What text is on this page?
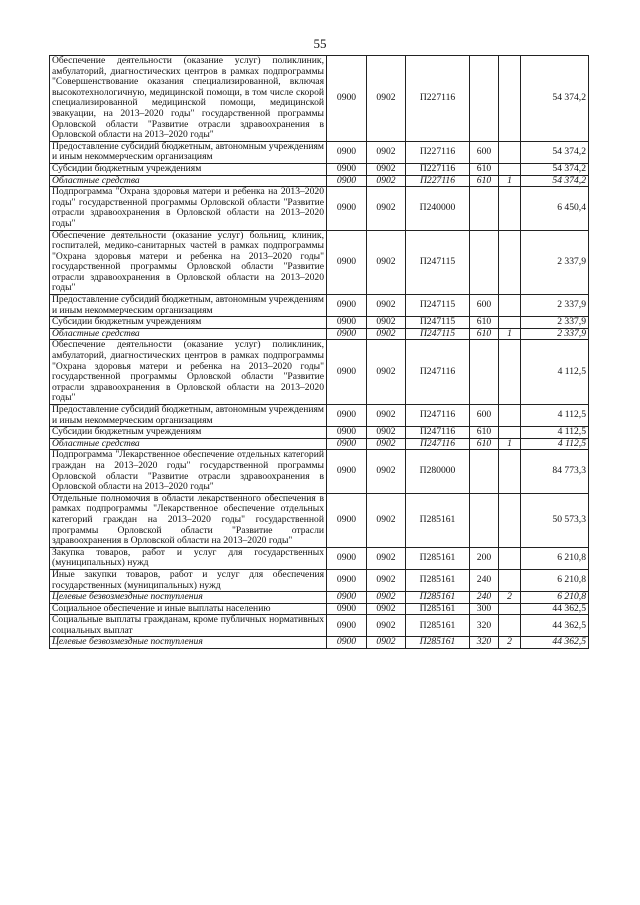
55
Обеспечение деятельности (оказание услуг) поликлиник, амбулаторий, диагностических центров в рамках подпрограммы "Совершенствование оказания специализированной, включая высокотехнологичную, медицинской помощи, в том числе скорой специализированной медицинской помощи, медицинской эвакуации, на 2013–2020 годы" государственной программы Орловской области "Развитие отрасли здравоохранения в Орловской области на 2013–2020 годы"	0900	0902	П227116			54 374,2
Предоставление субсидий бюджетным, автономным учреждениям и иным некоммерческим организациям	0900	0902	П227116	600		54 374,2
Субсидии бюджетным учреждениям	0900	0902	П227116	610		54 374,2
Областные средства	0900	0902	П227116	610	1	54 374,2
Подпрограмма "Охрана здоровья матери и ребенка на 2013–2020 годы" государственной программы Орловской области "Развитие отрасли здравоохранения в Орловской области на 2013–2020 годы"	0900	0902	П240000			6 450,4
Обеспечение деятельности (оказание услуг) больниц, клиник, госпиталей, медико-санитарных частей в рамках подпрограммы "Охрана здоровья матери и ребенка на 2013–2020 годы" государственной программы Орловской области "Развитие отрасли здравоохранения в Орловской области на 2013–2020 годы"	0900	0902	П247115			2 337,9
Предоставление субсидий бюджетным, автономным учреждениям и иным некоммерческим организациям	0900	0902	П247115	600		2 337,9
Субсидии бюджетным учреждениям	0900	0902	П247115	610		2 337,9
Областные средства	0900	0902	П247115	610	1	2 337,9
Обеспечение деятельности (оказание услуг) поликлиник, амбулаторий, диагностических центров в рамках подпрограммы "Охрана здоровья матери и ребенка на 2013–2020 годы" государственной программы Орловской области "Развитие отрасли здравоохранения в Орловской области на 2013–2020 годы"	0900	0902	П247116			4 112,5
Предоставление субсидий бюджетным, автономным учреждениям и иным некоммерческим организациям	0900	0902	П247116	600		4 112,5
Субсидии бюджетным учреждениям	0900	0902	П247116	610		4 112,5
Областные средства	0900	0902	П247116	610	1	4 112,5
Подпрограмма "Лекарственное обеспечение отдельных категорий граждан на 2013–2020 годы" государственной программы Орловской области "Развитие отрасли здравоохранения в Орловской области на 2013–2020 годы"	0900	0902	П280000			84 773,3
Отдельные полномочия в области лекарственного обеспечения в рамках подпрограммы "Лекарственное обеспечение отдельных категорий граждан на 2013–2020 годы" государственной программы Орловской области "Развитие отрасли здравоохранения в Орловской области на 2013–2020 годы"	0900	0902	П285161			50 573,3
Закупка товаров, работ и услуг для государственных (муниципальных) нужд	0900	0902	П285161	200		6 210,8
Иные закупки товаров, работ и услуг для обеспечения государственных (муниципальных) нужд	0900	0902	П285161	240		6 210,8
Целевые безвозмездные поступления	0900	0902	П285161	240	2	6 210,8
Социальное обеспечение и иные выплаты населению	0900	0902	П285161	300		44 362,5
Социальные выплаты гражданам, кроме публичных нормативных социальных выплат	0900	0902	П285161	320		44 362,5
Целевые безвозмездные поступления	0900	0902	П285161	320	2	44 362,5
